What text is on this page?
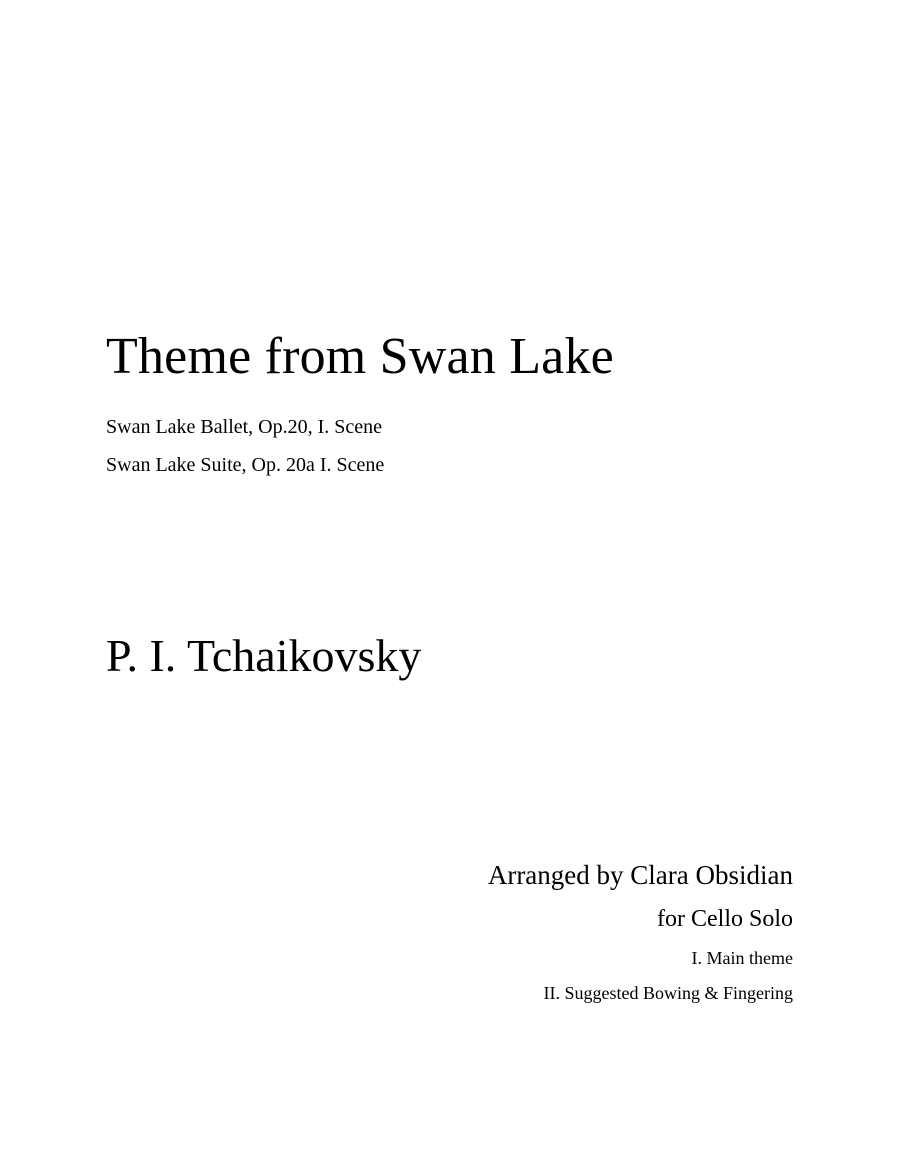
Theme from Swan Lake
Swan Lake Ballet, Op.20, I. Scene
Swan Lake Suite, Op. 20a I. Scene
P. I. Tchaikovsky
Arranged by Clara Obsidian
for Cello Solo
I. Main theme
II. Suggested Bowing & Fingering
